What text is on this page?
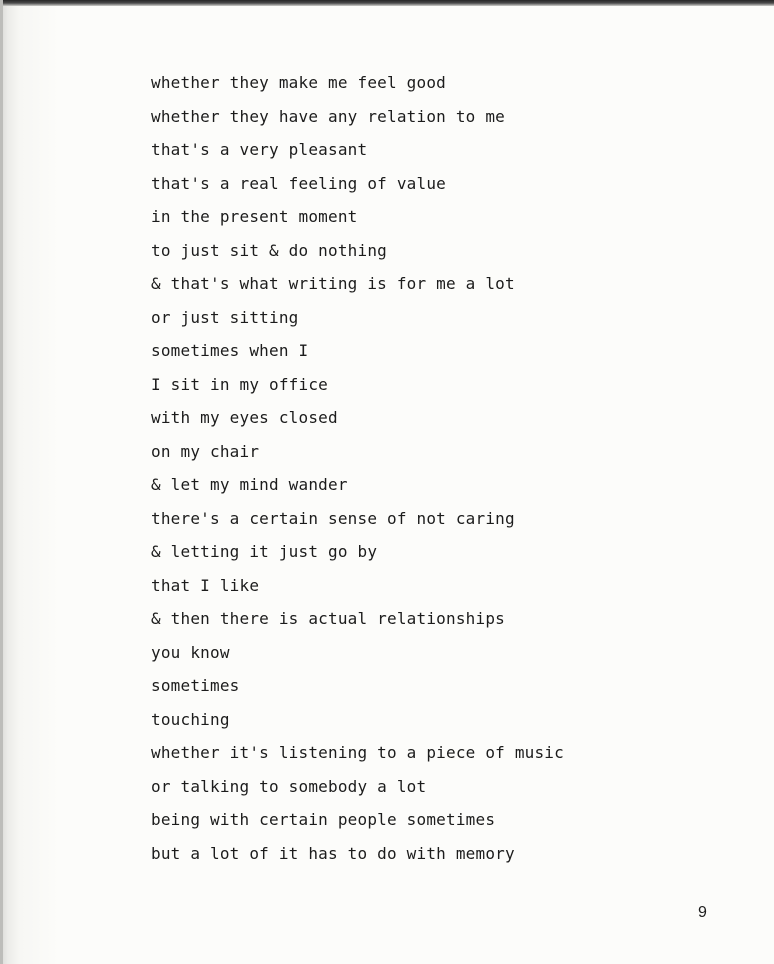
whether they make me feel good
whether they have any relation to me
that's a very pleasant
that's a real feeling of value
in the present moment
to just sit & do nothing
& that's what writing is for me a lot
or just sitting
sometimes when I
I sit in my office
with my eyes closed
on my chair
& let my mind wander
there's a certain sense of not caring
& letting it just go by
that I like
& then there is actual relationships
you know
sometimes
touching
whether it's listening to a piece of music
or talking to somebody a lot
being with certain people sometimes
but a lot of it has to do with memory
9
